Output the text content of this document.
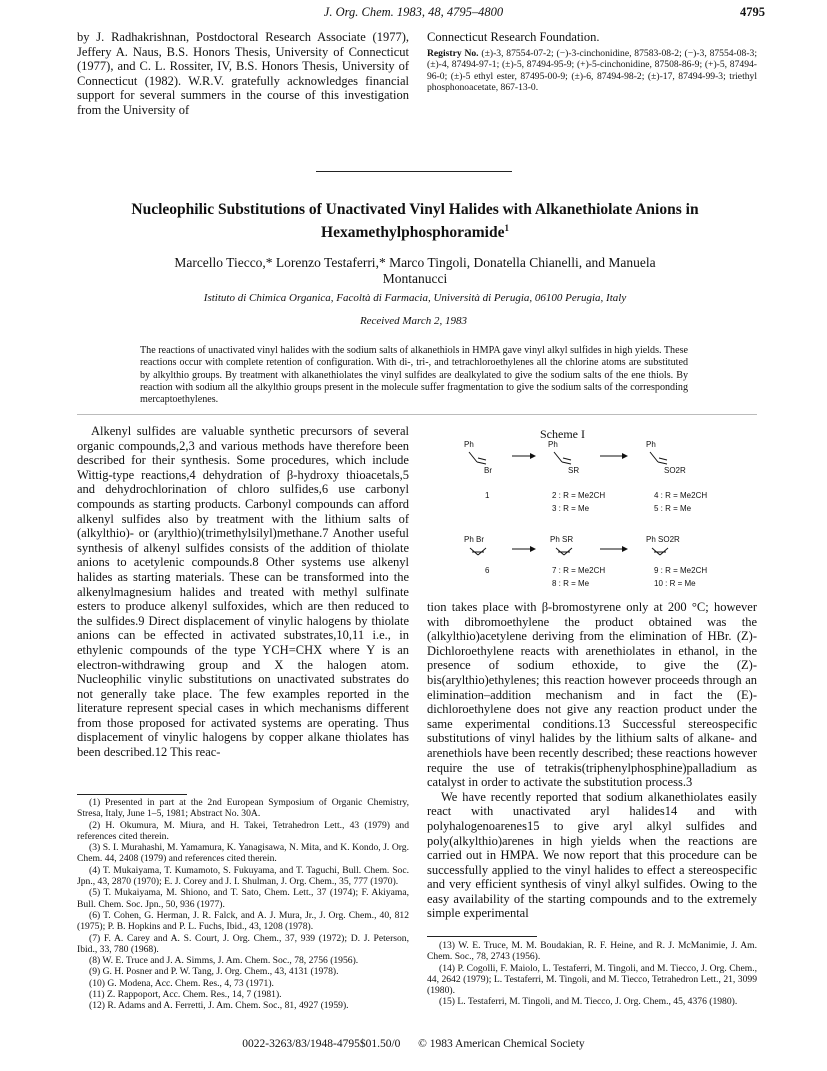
J. Org. Chem. 1983, 48, 4795–4800	4795
by J. Radhakrishnan, Postdoctoral Research Associate (1977), Jeffery A. Naus, B.S. Honors Thesis, University of Connecticut (1977), and C. L. Rossiter, IV, B.S. Honors Thesis, University of Connecticut (1982). W.R.V. gratefully acknowledges financial support for several summers in the course of this investigation from the University of
Connecticut Research Foundation.
Registry No. (±)-3, 87554-07-2; (−)-3-cinchonidine, 87583-08-2; (−)-3, 87554-08-3; (±)-4, 87494-97-1; (±)-5, 87494-95-9; (+)-5-cinchonidine, 87508-86-9; (+)-5, 87494-96-0; (±)-5 ethyl ester, 87495-00-9; (±)-6, 87494-98-2; (±)-17, 87494-99-3; triethyl phosphonoacetate, 867-13-0.
Nucleophilic Substitutions of Unactivated Vinyl Halides with Alkanethiolate Anions in Hexamethylphosphoramide$^1$
Marcello Tiecco,* Lorenzo Testaferri,* Marco Tingoli, Donatella Chianelli, and Manuela Montanucci
Istituto di Chimica Organica, Facoltà di Farmacia, Università di Perugia, 06100 Perugia, Italy
Received March 2, 1983
The reactions of unactivated vinyl halides with the sodium salts of alkanethiols in HMPA gave vinyl alkyl sulfides in high yields. These reactions occur with complete retention of configuration. With di-, tri-, and tetrachloroethylenes all the chlorine atoms are substituted by alkylthio groups. By treatment with alkanethiolates the vinyl sulfides are dealkylated to give the sodium salts of the ene thiols. By reaction with sodium all the alkylthio groups present in the molecule suffer fragmentation to give the sodium salts of the corresponding mercaptoethylenes.

Alkenyl sulfides are valuable synthetic precursors of several organic compounds,2,3 and various methods have therefore been described for their synthesis. Some procedures, which include Wittig-type reactions,4 dehydration of β-hydroxy thioacetals,5 and dehydrochlorination of chloro sulfides,6 use carbonyl compounds as starting products. Carbonyl compounds can afford alkenyl sulfides also by treatment with the lithium salts of (alkylthio)- or (arylthio)(trimethylsilyl)methane.7 Another useful synthesis of alkenyl sulfides consists of the addition of thiolate anions to acetylenic compounds.8 Other systems use alkenyl halides as starting materials. These can be transformed into the alkenylmagnesium halides and treated with methyl sulfinate esters to produce alkenyl sulfoxides, which are then reduced to the sulfides.9 Direct displacement of vinylic halogens by thiolate anions can be effected in activated substrates,10,11 i.e., in ethylenic compounds of the type YCH=CHX where Y is an electron-withdrawing group and X the halogen atom. Nucleophilic vinylic substitutions on unactivated substrates do not generally take place. The few examples reported in the literature represent special cases in which mechanisms different from those proposed for activated systems are operating. Thus displacement of vinylic halogens by copper alkane thiolates has been described.12 This reac-

Scheme I
Ph
Br
Ph
SR
Ph
SO2R
1	2 : R = Me2CH
3 : R = Me
4 : R = Me2CH
5 : R = Me
Ph Br	Ph SR	Ph SO2R
6	7 : R = Me2CH
8 : R = Me
9 : R = Me2CH
10 : R = Me

tion takes place with β-bromostyrene only at 200 °C; however with dibromoethylene the product obtained was the (alkylthio)acetylene deriving from the elimination of HBr. (Z)-Dichloroethylene reacts with arenethiolates in ethanol, in the presence of sodium ethoxide, to give the (Z)-bis(arylthio)ethylenes; this reaction however proceeds through an elimination–addition mechanism and in fact the (E)-dichloroethylene does not give any reaction product under the same experimental conditions.13 Successful stereospecific substitutions of vinyl halides by the lithium salts of alkane- and arenethiols have been recently described; these reactions however require the use of tetrakis(triphenylphosphine)palladium as catalyst in order to activate the substitution process.3

We have recently reported that sodium alkanethiolates easily react with unactivated aryl halides14 and with polyhalogenoarenes15 to give aryl alkyl sulfides and poly(alkylthio)arenes in high yields when the reactions are carried out in HMPA. We now report that this procedure can be successfully applied to the vinyl halides to effect a stereospecific and very efficient synthesis of vinyl alkyl sulfides. Owing to the easy availability of the starting compounds and to the extremely simple experimental

(1) Presented in part at the 2nd European Symposium of Organic Chemistry, Stresa, Italy, June 1–5, 1981; Abstract No. 30A.

(2) H. Okumura, M. Miura, and H. Takei, Tetrahedron Lett., 43 (1979) and references cited therein.

(3) S. I. Murahashi, M. Yamamura, K. Yanagisawa, N. Mita, and K. Kondo, J. Org. Chem. 44, 2408 (1979) and references cited therein.

(4) T. Mukaiyama, T. Kumamoto, S. Fukuyama, and T. Taguchi, Bull. Chem. Soc. Jpn., 43, 2870 (1970); E. J. Corey and J. I. Shulman, J. Org. Chem., 35, 777 (1970).

(5) T. Mukaiyama, M. Shiono, and T. Sato, Chem. Lett., 37 (1974); F. Akiyama, Bull. Chem. Soc. Jpn., 50, 936 (1977).

(6) T. Cohen, G. Herman, J. R. Falck, and A. J. Mura, Jr., J. Org. Chem., 40, 812 (1975); P. B. Hopkins and P. L. Fuchs, Ibid., 43, 1208 (1978).

(7) F. A. Carey and A. S. Court, J. Org. Chem., 37, 939 (1972); D. J. Peterson, Ibid., 33, 780 (1968).

(8) W. E. Truce and J. A. Simms, J. Am. Chem. Soc., 78, 2756 (1956).

(9) G. H. Posner and P. W. Tang, J. Org. Chem., 43, 4131 (1978).

(10) G. Modena, Acc. Chem. Res., 4, 73 (1971).

(11) Z. Rappoport, Acc. Chem. Res., 14, 7 (1981).

(12) R. Adams and A. Ferretti, J. Am. Chem. Soc., 81, 4927 (1959).

(13) W. E. Truce, M. M. Boudakian, R. F. Heine, and R. J. McManimie, J. Am. Chem. Soc., 78, 2743 (1956).

(14) P. Cogolli, F. Maiolo, L. Testaferri, M. Tingoli, and M. Tiecco, J. Org. Chem., 44, 2642 (1979); L. Testaferri, M. Tingoli, and M. Tiecco, Tetrahedron Lett., 21, 3099 (1980).

(15) L. Testaferri, M. Tingoli, and M. Tiecco, J. Org. Chem., 45, 4376 (1980).

0022-3263/83/1948-4795$01.50/0 © 1983 American Chemical Society
